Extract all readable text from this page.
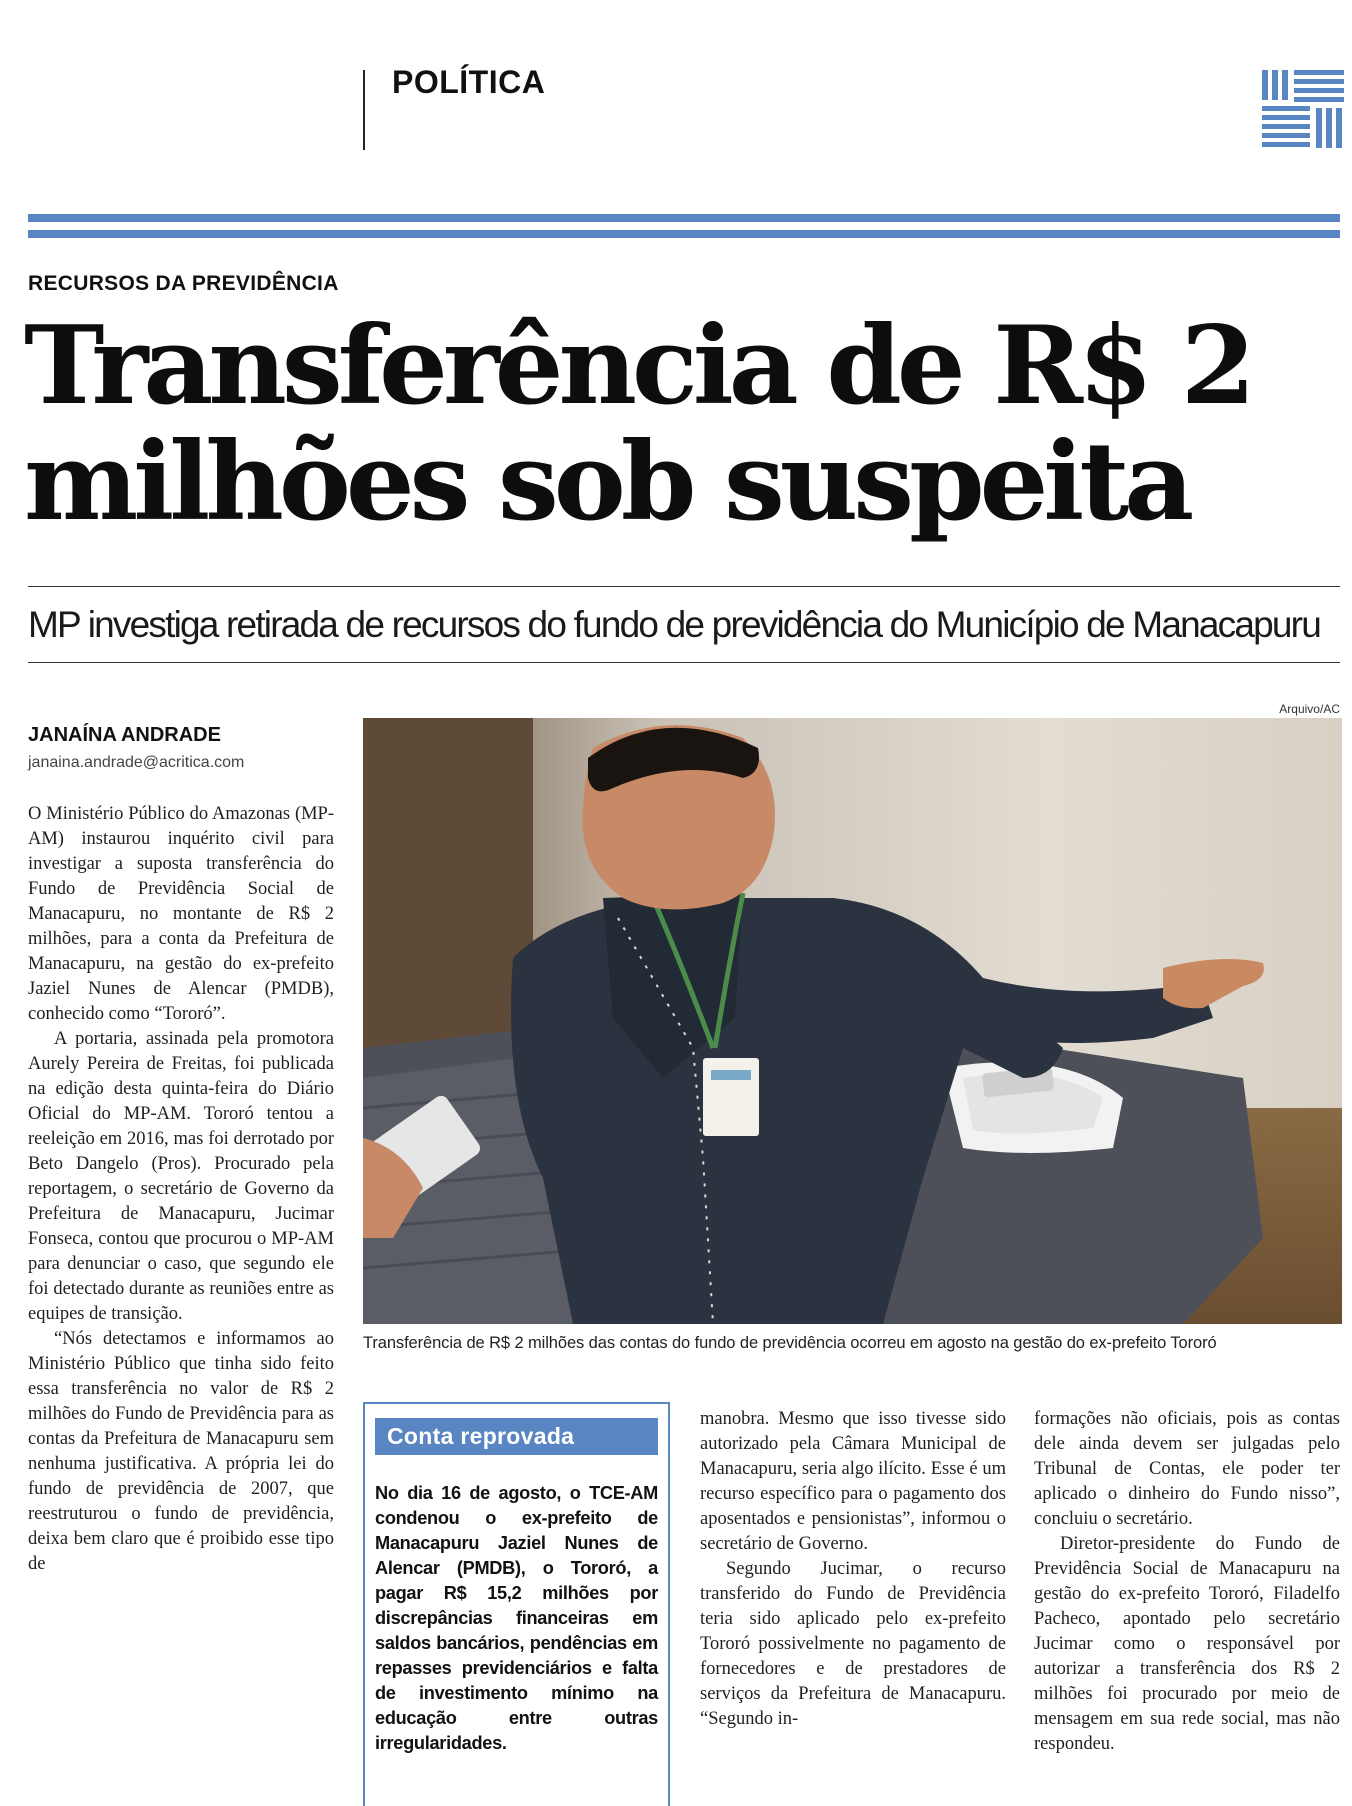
POLÍTICA
RECURSOS DA PREVIDÊNCIA
Transferência de R$ 2
milhões sob suspeita
MP investiga retirada de recursos do fundo de previdência do Município de Manacapuru
JANAÍNA ANDRADE
janaina.andrade@acritica.com
Arquivo/AC
Transferência de R$ 2 milhões das contas do fundo de previdência ocorreu em agosto na gestão do ex-prefeito Tororó

O Ministério Público do Amazonas (MP-AM) instaurou inquérito civil para investigar a suposta transferência do Fundo de Previdência Social de Manacapuru, no montante de R$ 2 milhões, para a conta da Prefeitura de Manacapuru, na gestão do ex-prefeito Jaziel Nunes de Alencar (PMDB), conhecido como “Tororó”.

A portaria, assinada pela promotora Aurely Pereira de Freitas, foi publicada na edição desta quinta-feira do Diário Oficial do MP-AM. Tororó tentou a reeleição em 2016, mas foi derrotado por Beto Dangelo (Pros). Procurado pela reportagem, o secretário de Governo da Prefeitura de Manacapuru, Jucimar Fonseca, contou que procurou o MP-AM para denunciar o caso, que segundo ele foi detectado durante as reuniões entre as equipes de transição.

“Nós detectamos e informamos ao Ministério Público que tinha sido feito essa transferência no valor de R$ 2 milhões do Fundo de Previdência para as contas da Prefeitura de Manacapuru sem nenhuma justificativa. A própria lei do fundo de previdência de 2007, que reestruturou o fundo de previdência, deixa bem claro que é proibido esse tipo de

Conta reprovada
No dia 16 de agosto, o TCE-AM condenou o ex-prefeito de Manacapuru Jaziel Nunes de Alencar (PMDB), o Tororó, a pagar R$ 15,2 milhões por discrepâncias financeiras em saldos bancários, pendências em repasses previdenciários e falta de investimento mínimo na educação entre outras irregularidades.

manobra. Mesmo que isso tivesse sido autorizado pela Câmara Municipal de Manacapuru, seria algo ilícito. Esse é um recurso específico para o pagamento dos aposentados e pensionistas”, informou o secretário de Governo.

Segundo Jucimar, o recurso transferido do Fundo de Previdência teria sido aplicado pelo ex-prefeito Tororó possivelmente no pagamento de fornecedores e de prestadores de serviços da Prefeitura de Manacapuru. “Segundo in-

formações não oficiais, pois as contas dele ainda devem ser julgadas pelo Tribunal de Contas, ele poder ter aplicado o dinheiro do Fundo nisso”, concluiu o secretário.

Diretor-presidente do Fundo de Previdência Social de Manacapuru na gestão do ex-prefeito Tororó, Filadelfo Pacheco, apontado pelo secretário Jucimar como o responsável por autorizar a transferência dos R$ 2 milhões foi procurado por meio de mensagem em sua rede social, mas não respondeu.
